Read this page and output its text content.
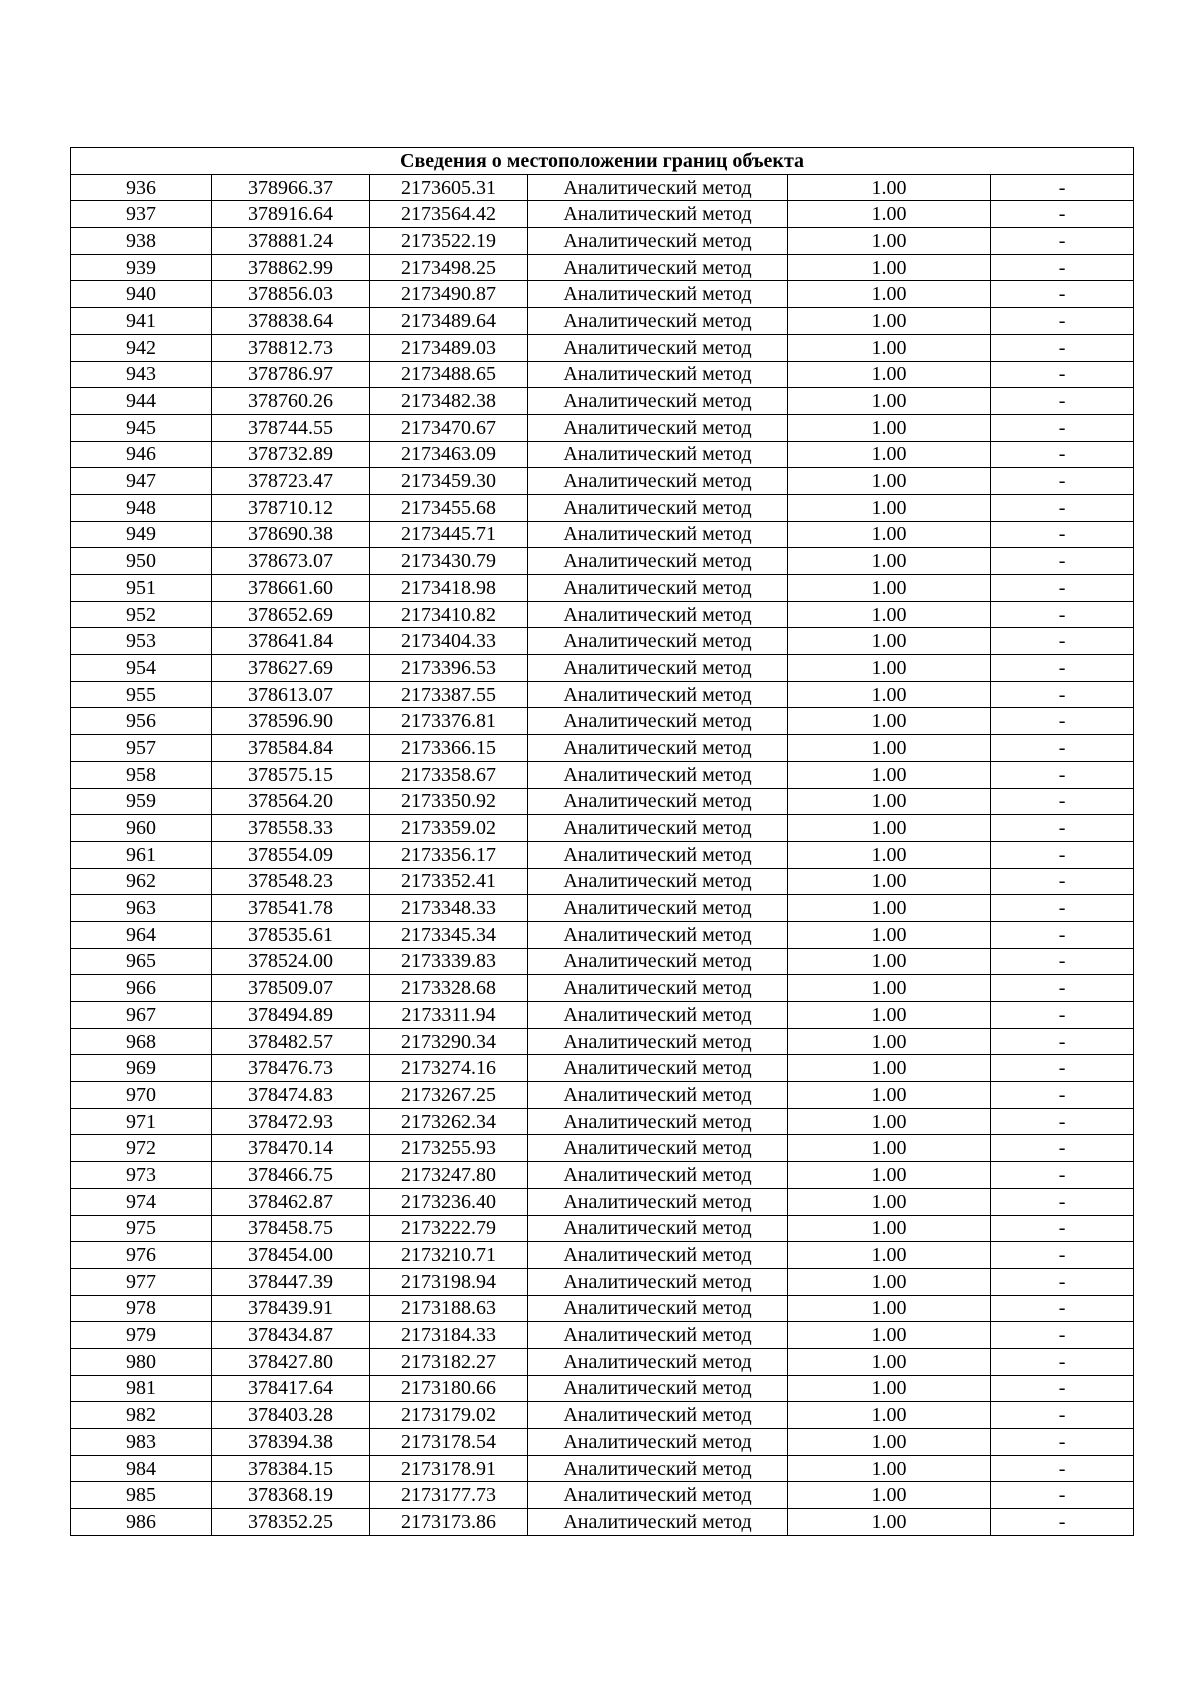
Сведения о местоположении границ объекта					
936	378966.37	2173605.31	Аналитический метод	1.00	-
937	378916.64	2173564.42	Аналитический метод	1.00	-
938	378881.24	2173522.19	Аналитический метод	1.00	-
939	378862.99	2173498.25	Аналитический метод	1.00	-
940	378856.03	2173490.87	Аналитический метод	1.00	-
941	378838.64	2173489.64	Аналитический метод	1.00	-
942	378812.73	2173489.03	Аналитический метод	1.00	-
943	378786.97	2173488.65	Аналитический метод	1.00	-
944	378760.26	2173482.38	Аналитический метод	1.00	-
945	378744.55	2173470.67	Аналитический метод	1.00	-
946	378732.89	2173463.09	Аналитический метод	1.00	-
947	378723.47	2173459.30	Аналитический метод	1.00	-
948	378710.12	2173455.68	Аналитический метод	1.00	-
949	378690.38	2173445.71	Аналитический метод	1.00	-
950	378673.07	2173430.79	Аналитический метод	1.00	-
951	378661.60	2173418.98	Аналитический метод	1.00	-
952	378652.69	2173410.82	Аналитический метод	1.00	-
953	378641.84	2173404.33	Аналитический метод	1.00	-
954	378627.69	2173396.53	Аналитический метод	1.00	-
955	378613.07	2173387.55	Аналитический метод	1.00	-
956	378596.90	2173376.81	Аналитический метод	1.00	-
957	378584.84	2173366.15	Аналитический метод	1.00	-
958	378575.15	2173358.67	Аналитический метод	1.00	-
959	378564.20	2173350.92	Аналитический метод	1.00	-
960	378558.33	2173359.02	Аналитический метод	1.00	-
961	378554.09	2173356.17	Аналитический метод	1.00	-
962	378548.23	2173352.41	Аналитический метод	1.00	-
963	378541.78	2173348.33	Аналитический метод	1.00	-
964	378535.61	2173345.34	Аналитический метод	1.00	-
965	378524.00	2173339.83	Аналитический метод	1.00	-
966	378509.07	2173328.68	Аналитический метод	1.00	-
967	378494.89	2173311.94	Аналитический метод	1.00	-
968	378482.57	2173290.34	Аналитический метод	1.00	-
969	378476.73	2173274.16	Аналитический метод	1.00	-
970	378474.83	2173267.25	Аналитический метод	1.00	-
971	378472.93	2173262.34	Аналитический метод	1.00	-
972	378470.14	2173255.93	Аналитический метод	1.00	-
973	378466.75	2173247.80	Аналитический метод	1.00	-
974	378462.87	2173236.40	Аналитический метод	1.00	-
975	378458.75	2173222.79	Аналитический метод	1.00	-
976	378454.00	2173210.71	Аналитический метод	1.00	-
977	378447.39	2173198.94	Аналитический метод	1.00	-
978	378439.91	2173188.63	Аналитический метод	1.00	-
979	378434.87	2173184.33	Аналитический метод	1.00	-
980	378427.80	2173182.27	Аналитический метод	1.00	-
981	378417.64	2173180.66	Аналитический метод	1.00	-
982	378403.28	2173179.02	Аналитический метод	1.00	-
983	378394.38	2173178.54	Аналитический метод	1.00	-
984	378384.15	2173178.91	Аналитический метод	1.00	-
985	378368.19	2173177.73	Аналитический метод	1.00	-
986	378352.25	2173173.86	Аналитический метод	1.00	-
